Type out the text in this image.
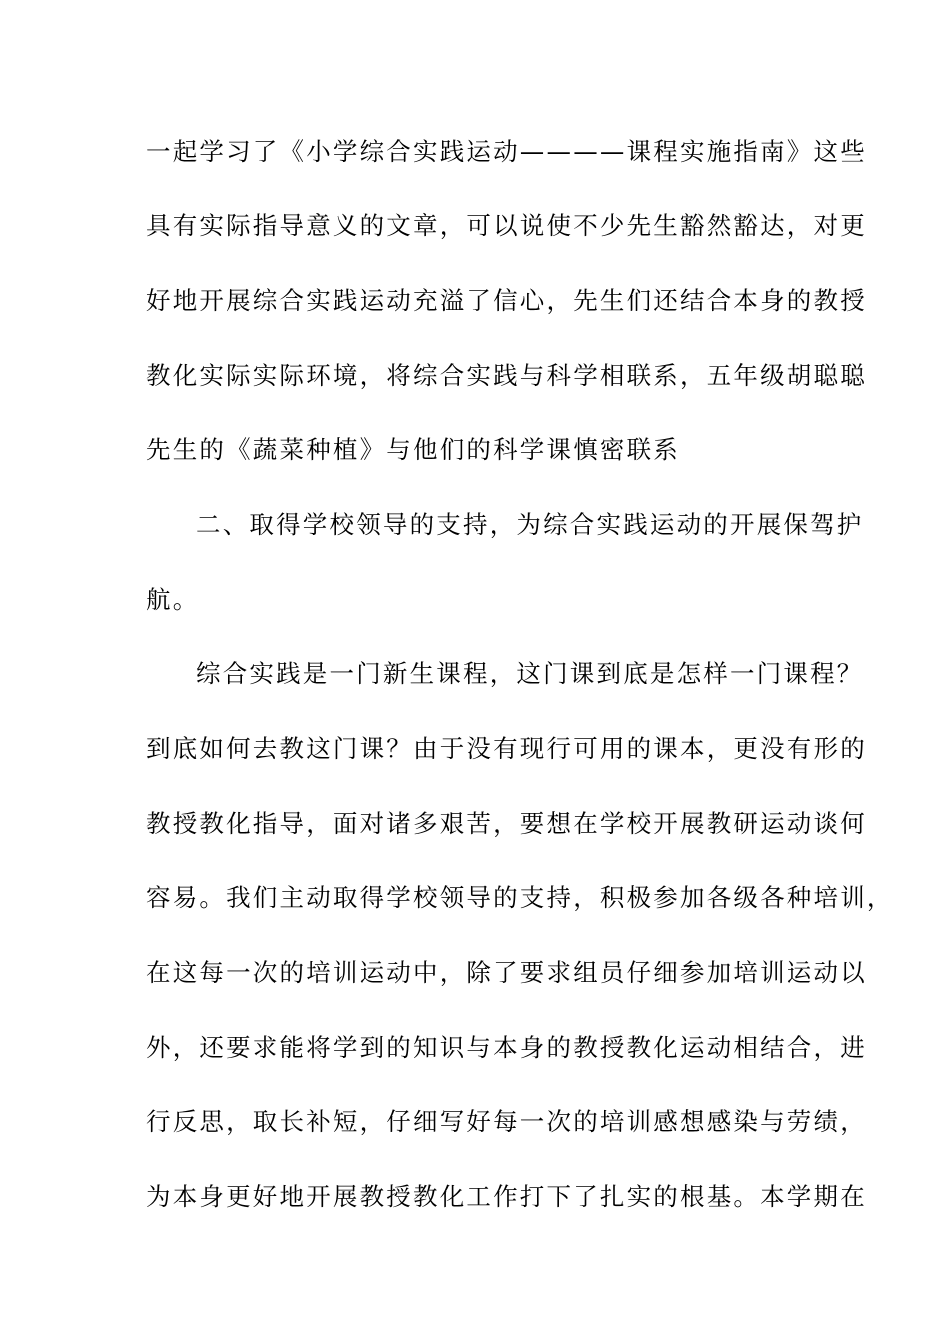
一起学习了《小学综合实践运动————课程实施指南》这些
具有实际指导意义的文章，可以说使不少先生豁然豁达，对更
好地开展综合实践运动充溢了信心，先生们还结合本身的教授
教化实际实际环境，将综合实践与科学相联系，五年级胡聪聪
先生的《蔬菜种植》与他们的科学课慎密联系
二、取得学校领导的支持，为综合实践运动的开展保驾护
航。
综合实践是一门新生课程，这门课到底是怎样一门课程？
到底如何去教这门课？由于没有现行可用的课本，更没有形的
教授教化指导，面对诸多艰苦，要想在学校开展教研运动谈何
容易。我们主动取得学校领导的支持，积极参加各级各种培训，
在这每一次的培训运动中，除了要求组员仔细参加培训运动以
外，还要求能将学到的知识与本身的教授教化运动相结合，进
行反思，取长补短，仔细写好每一次的培训感想感染与劳绩，
为本身更好地开展教授教化工作打下了扎实的根基。本学期在
